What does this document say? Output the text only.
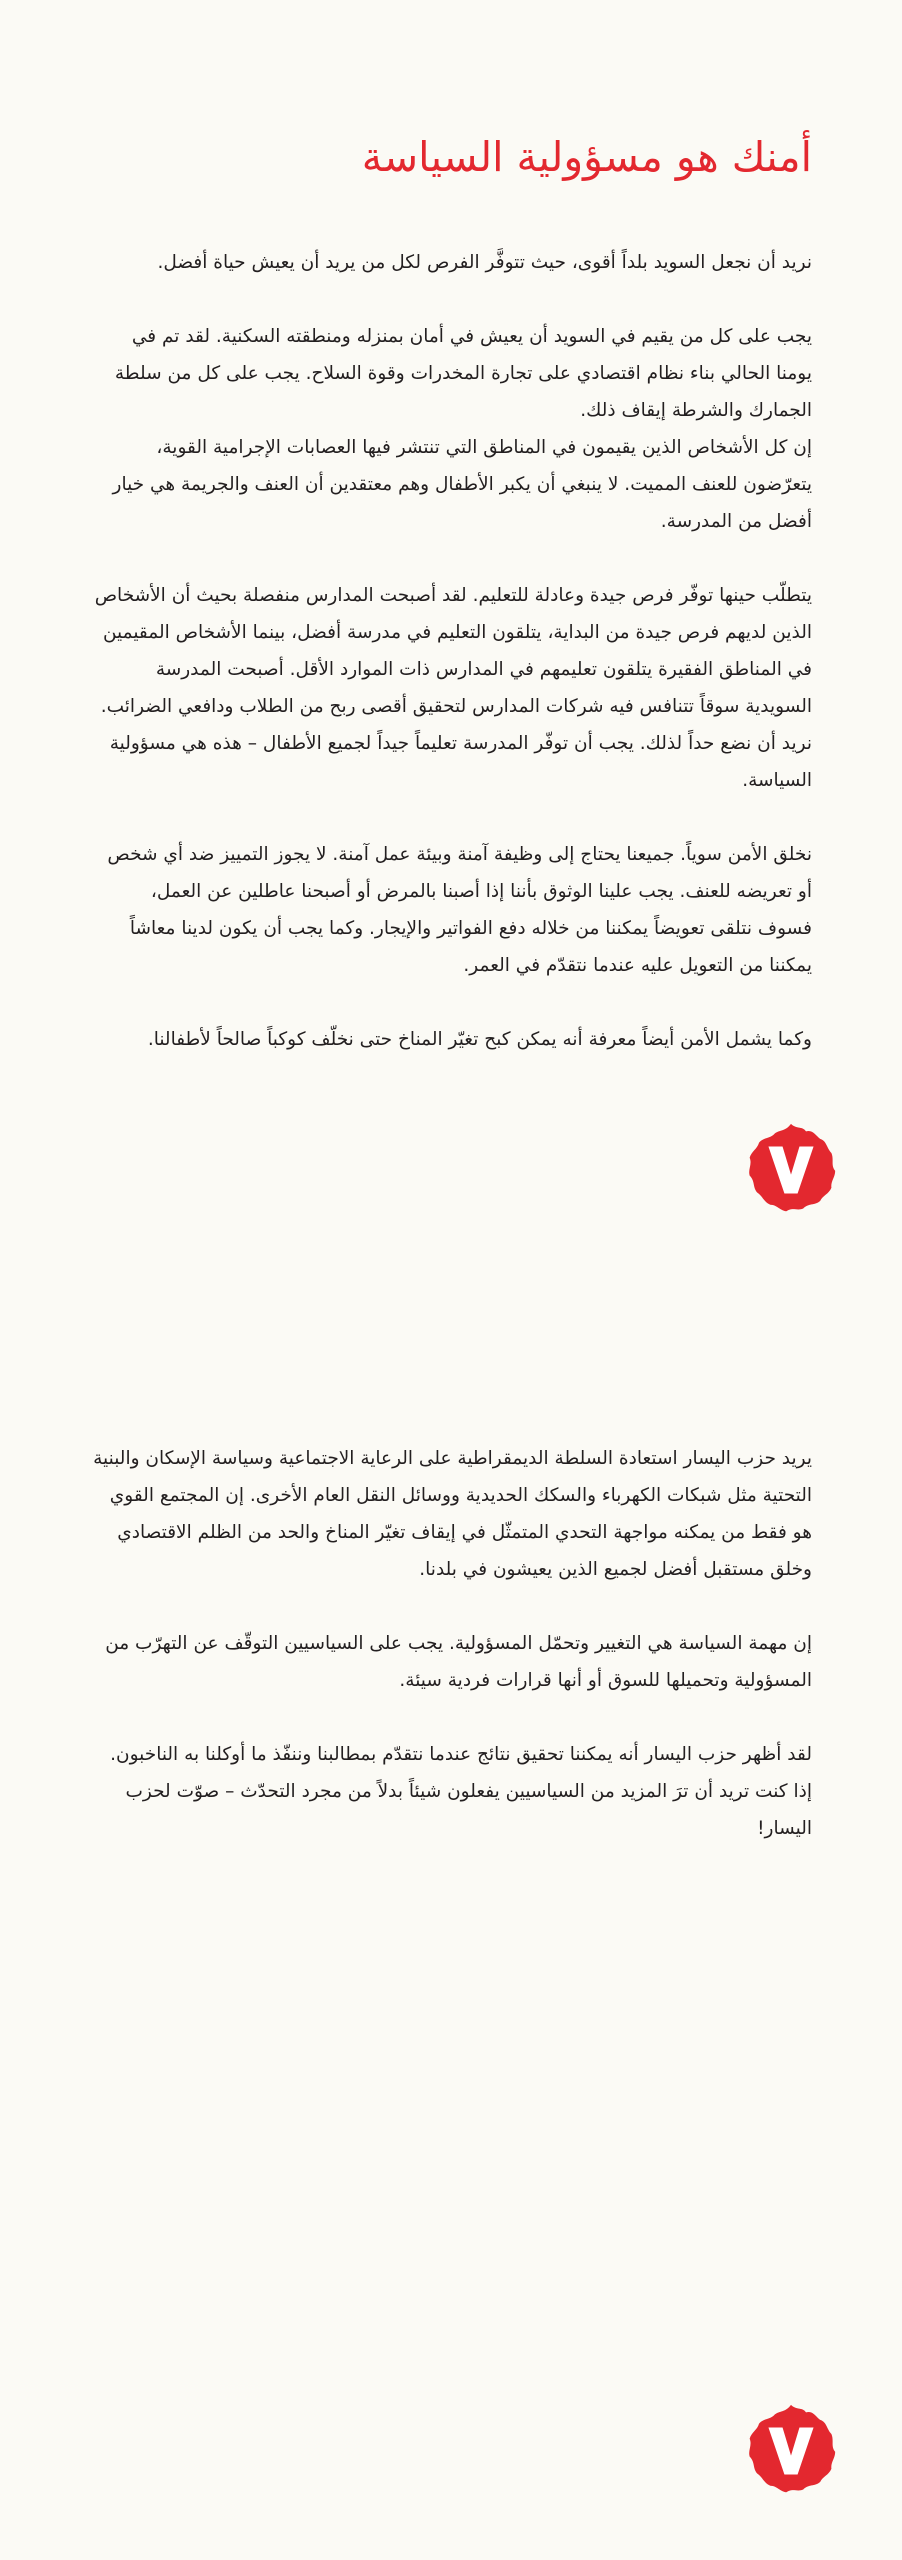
أمنك هو مسؤولية السياسة

نريد أن نجعل السويد بلداً أقوى، حيث تتوفَّر الفرص لكل من يريد أن يعيش حياة أفضل.

يجب على كل من يقيم في السويد أن يعيش في أمان بمنزله ومنطقته السكنية. لقد تم في يومنا الحالي بناء نظام اقتصادي على تجارة المخدرات وقوة السلاح. يجب على كل من سلطة الجمارك والشرطة إيقاف ذلك.

إن كل الأشخاص الذين يقيمون في المناطق التي تنتشر فيها العصابات الإجرامية القوية، يتعرّضون للعنف المميت. لا ينبغي أن يكبر الأطفال وهم معتقدين أن العنف والجريمة هي خيار أفضل من المدرسة.

يتطلّب حينها توفّر فرص جيدة وعادلة للتعليم. لقد أصبحت المدارس منفصلة بحيث أن الأشخاص الذين لديهم فرص جيدة من البداية، يتلقون التعليم في مدرسة أفضل، بينما الأشخاص المقيمين في المناطق الفقيرة يتلقون تعليمهم في المدارس ذات الموارد الأقل. أصبحت المدرسة السويدية سوقاً تتنافس فيه شركات المدارس لتحقيق أقصى ربح من الطلاب ودافعي الضرائب. نريد أن نضع حداً لذلك. يجب أن توفّر المدرسة تعليماً جيداً لجميع الأطفال – هذه هي مسؤولية السياسة.

نخلق الأمن سوياً. جميعنا يحتاج إلى وظيفة آمنة وبيئة عمل آمنة. لا يجوز التمييز ضد أي شخص أو تعريضه للعنف. يجب علينا الوثوق بأننا إذا أصبنا بالمرض أو أصبحنا عاطلين عن العمل، فسوف نتلقى تعويضاً يمكننا من خلاله دفع الفواتير والإيجار. وكما يجب أن يكون لدينا معاشاً يمكننا من التعويل عليه عندما نتقدّم في العمر.

وكما يشمل الأمن أيضاً معرفة أنه يمكن كبح تغيّر المناخ حتى نخلّف كوكباً صالحاً لأطفالنا.

يريد حزب اليسار استعادة السلطة الديمقراطية على الرعاية الاجتماعية وسياسة الإسكان والبنية التحتية مثل شبكات الكهرباء والسكك الحديدية ووسائل النقل العام الأخرى. إن المجتمع القوي هو فقط من يمكنه مواجهة التحدي المتمثّل في إيقاف تغيّر المناخ والحد من الظلم الاقتصادي وخلق مستقبل أفضل لجميع الذين يعيشون في بلدنا.

إن مهمة السياسة هي التغيير وتحمّل المسؤولية. يجب على السياسيين التوقّف عن التهرّب من المسؤولية وتحميلها للسوق أو أنها قرارات فردية سيئة.

لقد أظهر حزب اليسار أنه يمكننا تحقيق نتائج عندما نتقدّم بمطالبنا وننفّذ ما أوكلنا به الناخبون. إذا كنت تريد أن ترَ المزيد من السياسيين يفعلون شيئاً بدلاً من مجرد التحدّث – صوّت لحزب اليسار!
